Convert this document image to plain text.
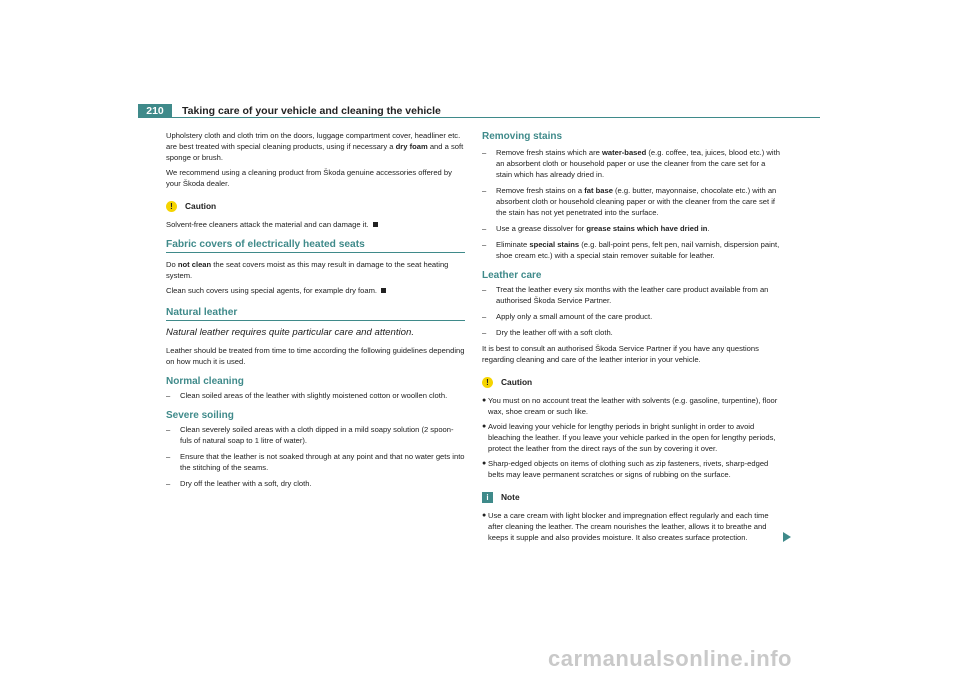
210	Taking care of your vehicle and cleaning the vehicle

Upholstery cloth and cloth trim on the doors, luggage compartment cover, headliner etc. are best treated with special cleaning products, using if necessary a dry foam and a soft sponge or brush.

We recommend using a cleaning product from Škoda genuine accessories offered by your Škoda dealer.

!	Caution

Solvent-free cleaners attack the material and can damage it.

Fabric covers of electrically heated seats

Do not clean the seat covers moist as this may result in damage to the seat heating system.

Clean such covers using special agents, for example dry foam.

Natural leather

Natural leather requires quite particular care and attention.

Leather should be treated from time to time according the following guidelines depending on how much it is used.

Normal cleaning
– Clean soiled areas of the leather with slightly moistened cotton or woollen cloth.
Severe soiling
– Clean severely soiled areas with a cloth dipped in a mild soapy solution (2 spoon-fuls of natural soap to 1 litre of water).
– Ensure that the leather is not soaked through at any point and that no water gets into the stitching of the seams.
– Dry off the leather with a soft, dry cloth.
Removing stains
– Remove fresh stains which are water-based (e.g. coffee, tea, juices, blood etc.) with an absorbent cloth or household paper or use the cleaner from the care set for a stain which has already dried in.
– Remove fresh stains on a fat base (e.g. butter, mayonnaise, chocolate etc.) with an absorbent cloth or household cleaning paper or with the cleaner from the care set if the stain has not yet penetrated into the surface.
– Use a grease dissolver for grease stains which have dried in.
– Eliminate special stains (e.g. ball-point pens, felt pen, nail varnish, dispersion paint, shoe cream etc.) with a special stain remover suitable for leather.
Leather care
– Treat the leather every six months with the leather care product available from an authorised Škoda Service Partner.
– Apply only a small amount of the care product.
– Dry the leather off with a soft cloth.

It is best to consult an authorised Škoda Service Partner if you have any questions regarding cleaning and care of the leather interior in your vehicle.

!	Caution
● You must on no account treat the leather with solvents (e.g. gasoline, turpentine), floor wax, shoe cream or such like.
● Avoid leaving your vehicle for lengthy periods in bright sunlight in order to avoid bleaching the leather. If you leave your vehicle parked in the open for lengthy periods, protect the leather from the direct rays of the sun by covering it over.
● Sharp-edged objects on items of clothing such as zip fasteners, rivets, sharp-edged belts may leave permanent scratches or signs of rubbing on the surface.
i	Note
● Use a care cream with light blocker and impregnation effect regularly and each time after cleaning the leather. The cream nourishes the leather, allows it to breathe and keeps it supple and also provides moisture. It also creates surface protection.
carmanualsonline.info
